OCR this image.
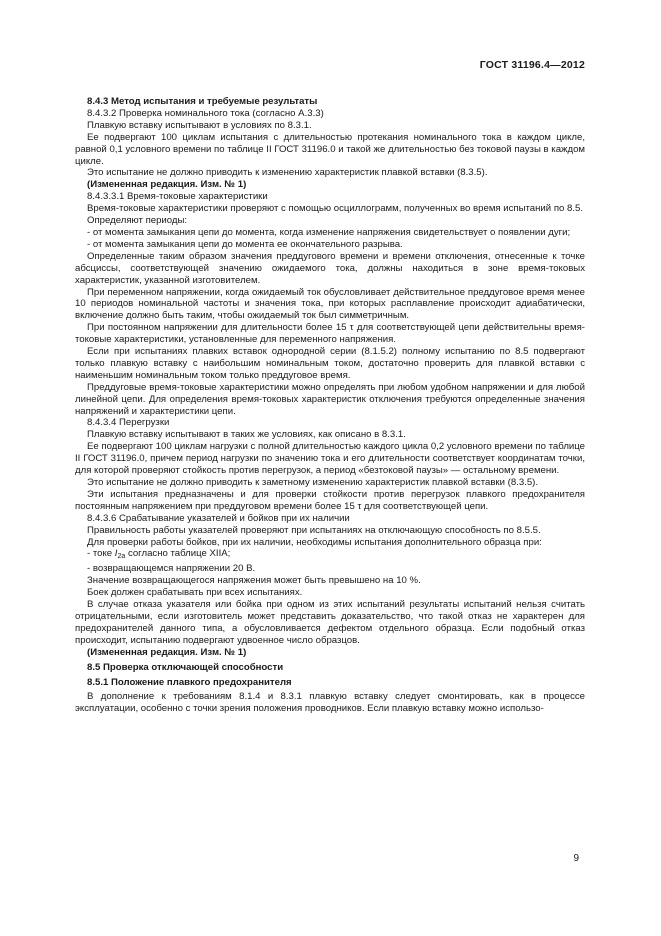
ГОСТ 31196.4—2012

8.4.3 Метод испытания и требуемые результаты

8.4.3.2 Проверка номинального тока (согласно А.3.3)

Плавкую вставку испытывают в условиях по 8.3.1.

Ее подвергают 100 циклам испытания с длительностью протекания номинального тока в каждом цикле, равной 0,1 условного времени по таблице II ГОСТ 31196.0 и такой же длительностью без токовой паузы в каждом цикле.

Это испытание не должно приводить к изменению характеристик плавкой вставки (8.3.5).

(Измененная редакция. Изм. № 1)

8.4.3.3.1 Время-токовые характеристики

Время-токовые характеристики проверяют с помощью осциллограмм, полученных во время испытаний по 8.5.

Определяют периоды:

- от момента замыкания цепи до момента, когда изменение напряжения свидетельствует о появлении дуги;

- от момента замыкания цепи до момента ее окончательного разрыва.

Определенные таким образом значения преддугового времени и времени отключения, отнесенные к точке абсциссы, соответствующей значению ожидаемого тока, должны находиться в зоне время-токовых характеристик, указанной изготовителем.

При переменном напряжении, когда ожидаемый ток обусловливает действительное преддуговое время менее 10 периодов номинальной частоты и значения тока, при которых расплавление происходит адиабатически, включение должно быть таким, чтобы ожидаемый ток был симметричным.

При постоянном напряжении для длительности более 15 τ для соответствующей цепи действительны время-токовые характеристики, установленные для переменного напряжения.

Если при испытаниях плавких вставок однородной серии (8.1.5.2) полному испытанию по 8.5 подвергают только плавкую вставку с наибольшим номинальным током, достаточно проверить для плавкой вставки с наименьшим номинальным током только преддуговое время.

Преддуговые время-токовые характеристики можно определять при любом удобном напряжении и для любой линейной цепи. Для определения время-токовых характеристик отключения требуются определенные значения напряжений и характеристики цепи.

8.4.3.4 Перегрузки

Плавкую вставку испытывают в таких же условиях, как описано в 8.3.1.

Ее подвергают 100 циклам нагрузки с полной длительностью каждого цикла 0,2 условного времени по таблице II ГОСТ 31196.0, причем период нагрузки по значению тока и его длительности соответствует координатам точки, для которой проверяют стойкость против перегрузок, а период «безтоковой паузы» — остальному времени.

Это испытание не должно приводить к заметному изменению характеристик плавкой вставки (8.3.5).

Эти испытания предназначены и для проверки стойкости против перегрузок плавкого предохранителя постоянным напряжением при преддуговом времени более 15 τ для соответствующей цепи.

8.4.3.6 Срабатывание указателей и бойков при их наличии

Правильность работы указателей проверяют при испытаниях на отключающую способность по 8.5.5.

Для проверки работы бойков, при их наличии, необходимы испытания дополнительного образца при:

- токе $I_{2a}$ согласно таблице XIIA;

- возвращающемся напряжении 20 В.

Значение возвращающегося напряжения может быть превышено на 10 %.

Боек должен срабатывать при всех испытаниях.

В случае отказа указателя или бойка при одном из этих испытаний результаты испытаний нельзя считать отрицательными, если изготовитель может представить доказательство, что такой отказ не характерен для предохранителей данного типа, а обусловливается дефектом отдельного образца. Если подобный отказ происходит, испытанию подвергают удвоенное число образцов.

(Измененная редакция. Изм. № 1)

8.5 Проверка отключающей способности

8.5.1 Положение плавкого предохранителя

В дополнение к требованиям 8.1.4 и 8.3.1 плавкую вставку следует смонтировать, как в процессе эксплуатации, особенно с точки зрения положения проводников. Если плавкую вставку можно использо-

9
